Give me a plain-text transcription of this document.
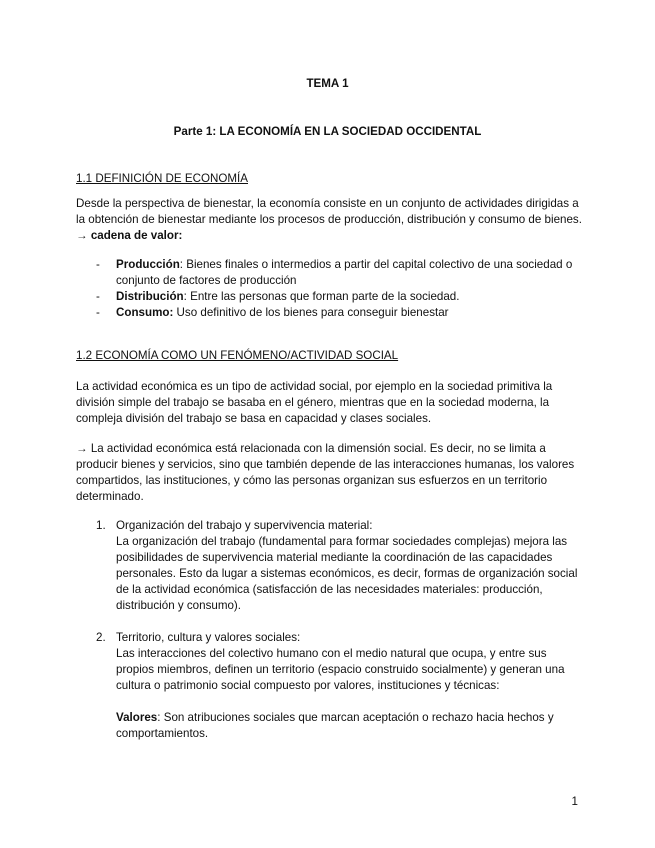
TEMA 1

Parte 1: LA ECONOMÍA EN LA SOCIEDAD OCCIDENTAL

1.1 DEFINICIÓN DE ECONOMÍA

Desde la perspectiva de bienestar, la economía consiste en un conjunto de actividades dirigidas a la obtención de bienestar mediante los procesos de producción, distribución y consumo de bienes. → cadena de valor:

- Producción: Bienes finales o intermedios a partir del capital colectivo de una sociedad o conjunto de factores de producción
- Distribución: Entre las personas que forman parte de la sociedad.
- Consumo: Uso definitivo de los bienes para conseguir bienestar

1.2 ECONOMÍA COMO UN FENÓMENO/ACTIVIDAD SOCIAL

La actividad económica es un tipo de actividad social, por ejemplo en la sociedad primitiva la división simple del trabajo se basaba en el género, mientras que en la sociedad moderna, la compleja división del trabajo se basa en capacidad y clases sociales.

→ La actividad económica está relacionada con la dimensión social. Es decir, no se limita a producir bienes y servicios, sino que también depende de las interacciones humanas, los valores compartidos, las instituciones, y cómo las personas organizan sus esfuerzos en un territorio determinado.

1. Organización del trabajo y supervivencia material:

La organización del trabajo (fundamental para formar sociedades complejas) mejora las posibilidades de supervivencia material mediante la coordinación de las capacidades personales. Esto da lugar a sistemas económicos, es decir, formas de organización social de la actividad económica (satisfacción de las necesidades materiales: producción, distribución y consumo).

2. Territorio, cultura y valores sociales:

Las interacciones del colectivo humano con el medio natural que ocupa, y entre sus propios miembros, definen un territorio (espacio construido socialmente) y generan una cultura o patrimonio social compuesto por valores, instituciones y técnicas:

Valores: Son atribuciones sociales que marcan aceptación o rechazo hacia hechos y comportamientos.

1
